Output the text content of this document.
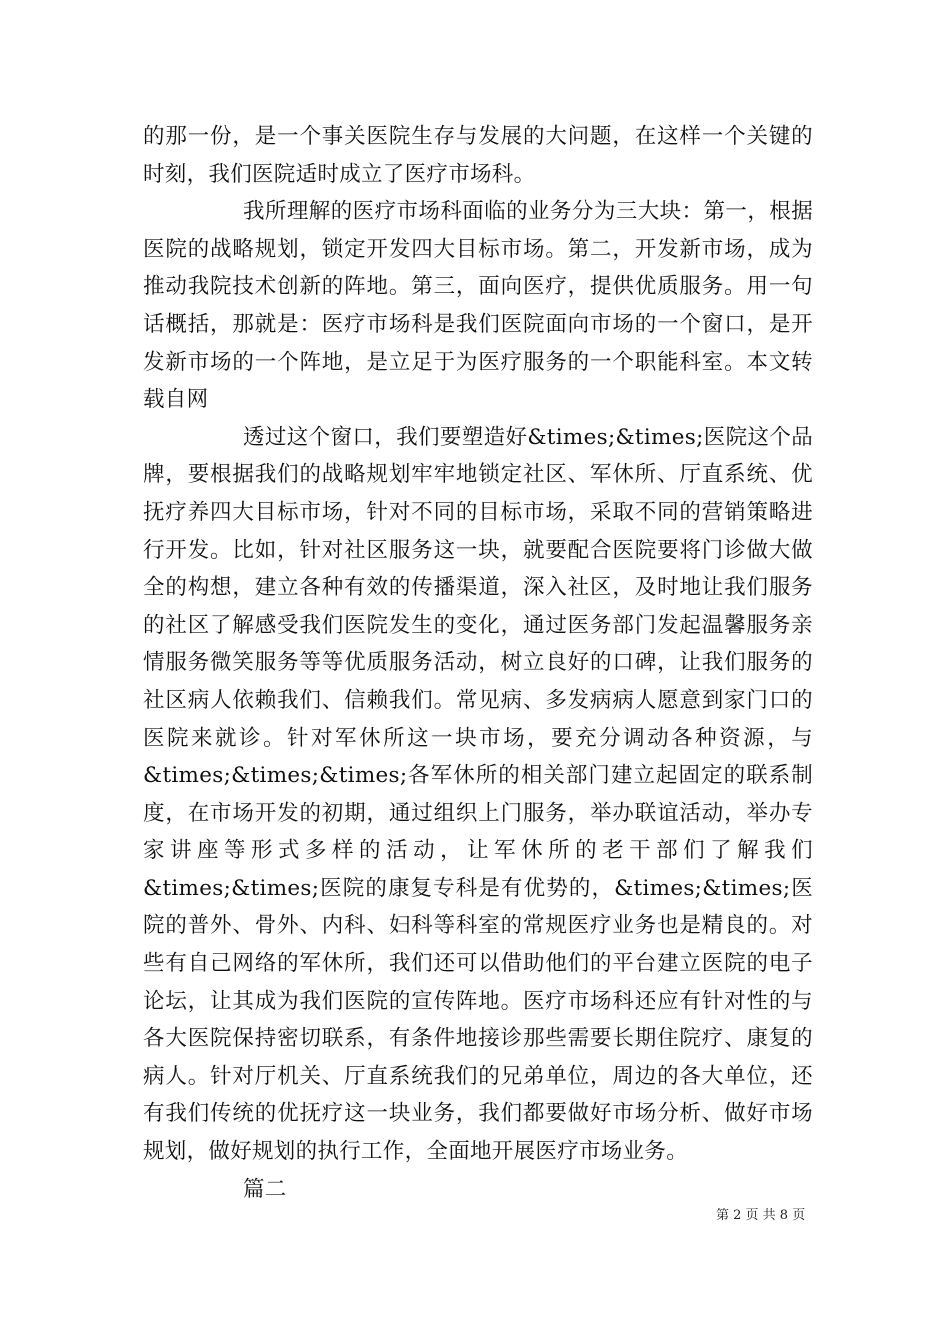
的那一份，是一个事关医院生存与发展的大问题，在这样一个关键的时刻，我们医院适时成立了医疗市场科。

我所理解的医疗市场科面临的业务分为三大块：第一，根据医院的战略规划，锁定开发四大目标市场。第二，开发新市场，成为推动我院技术创新的阵地。第三，面向医疗，提供优质服务。用一句话概括，那就是：医疗市场科是我们医院面向市场的一个窗口，是开发新市场的一个阵地，是立足于为医疗服务的一个职能科室。本文转载自网

透过这个窗口，我们要塑造好&times;&times;医院这个品牌，要根据我们的战略规划牢牢地锁定社区、军休所、厅直系统、优抚疗养四大目标市场，针对不同的目标市场，采取不同的营销策略进行开发。比如，针对社区服务这一块，就要配合医院要将门诊做大做全的构想，建立各种有效的传播渠道，深入社区，及时地让我们服务的社区了解感受我们医院发生的变化，通过医务部门发起温馨服务亲情服务微笑服务等等优质服务活动，树立良好的口碑，让我们服务的社区病人依赖我们、信赖我们。常见病、多发病病人愿意到家门口的医院来就诊。针对军休所这一块市场，要充分调动各种资源，与&times;&times;&times;各军休所的相关部门建立起固定的联系制度，在市场开发的初期，通过组织上门服务，举办联谊活动，举办专家讲座等形式多样的活动，让军休所的老干部们了解我们&times;&times;医院的康复专科是有优势的，&times;&times;医院的普外、骨外、内科、妇科等科室的常规医疗业务也是精良的。对些有自己网络的军休所，我们还可以借助他们的平台建立医院的电子论坛，让其成为我们医院的宣传阵地。医疗市场科还应有针对性的与各大医院保持密切联系，有条件地接诊那些需要长期住院疗、康复的病人。针对厅机关、厅直系统我们的兄弟单位，周边的各大单位，还有我们传统的优抚疗这一块业务，我们都要做好市场分析、做好市场规划，做好规划的执行工作，全面地开展医疗市场业务。

篇二

第 2 页 共 8 页
